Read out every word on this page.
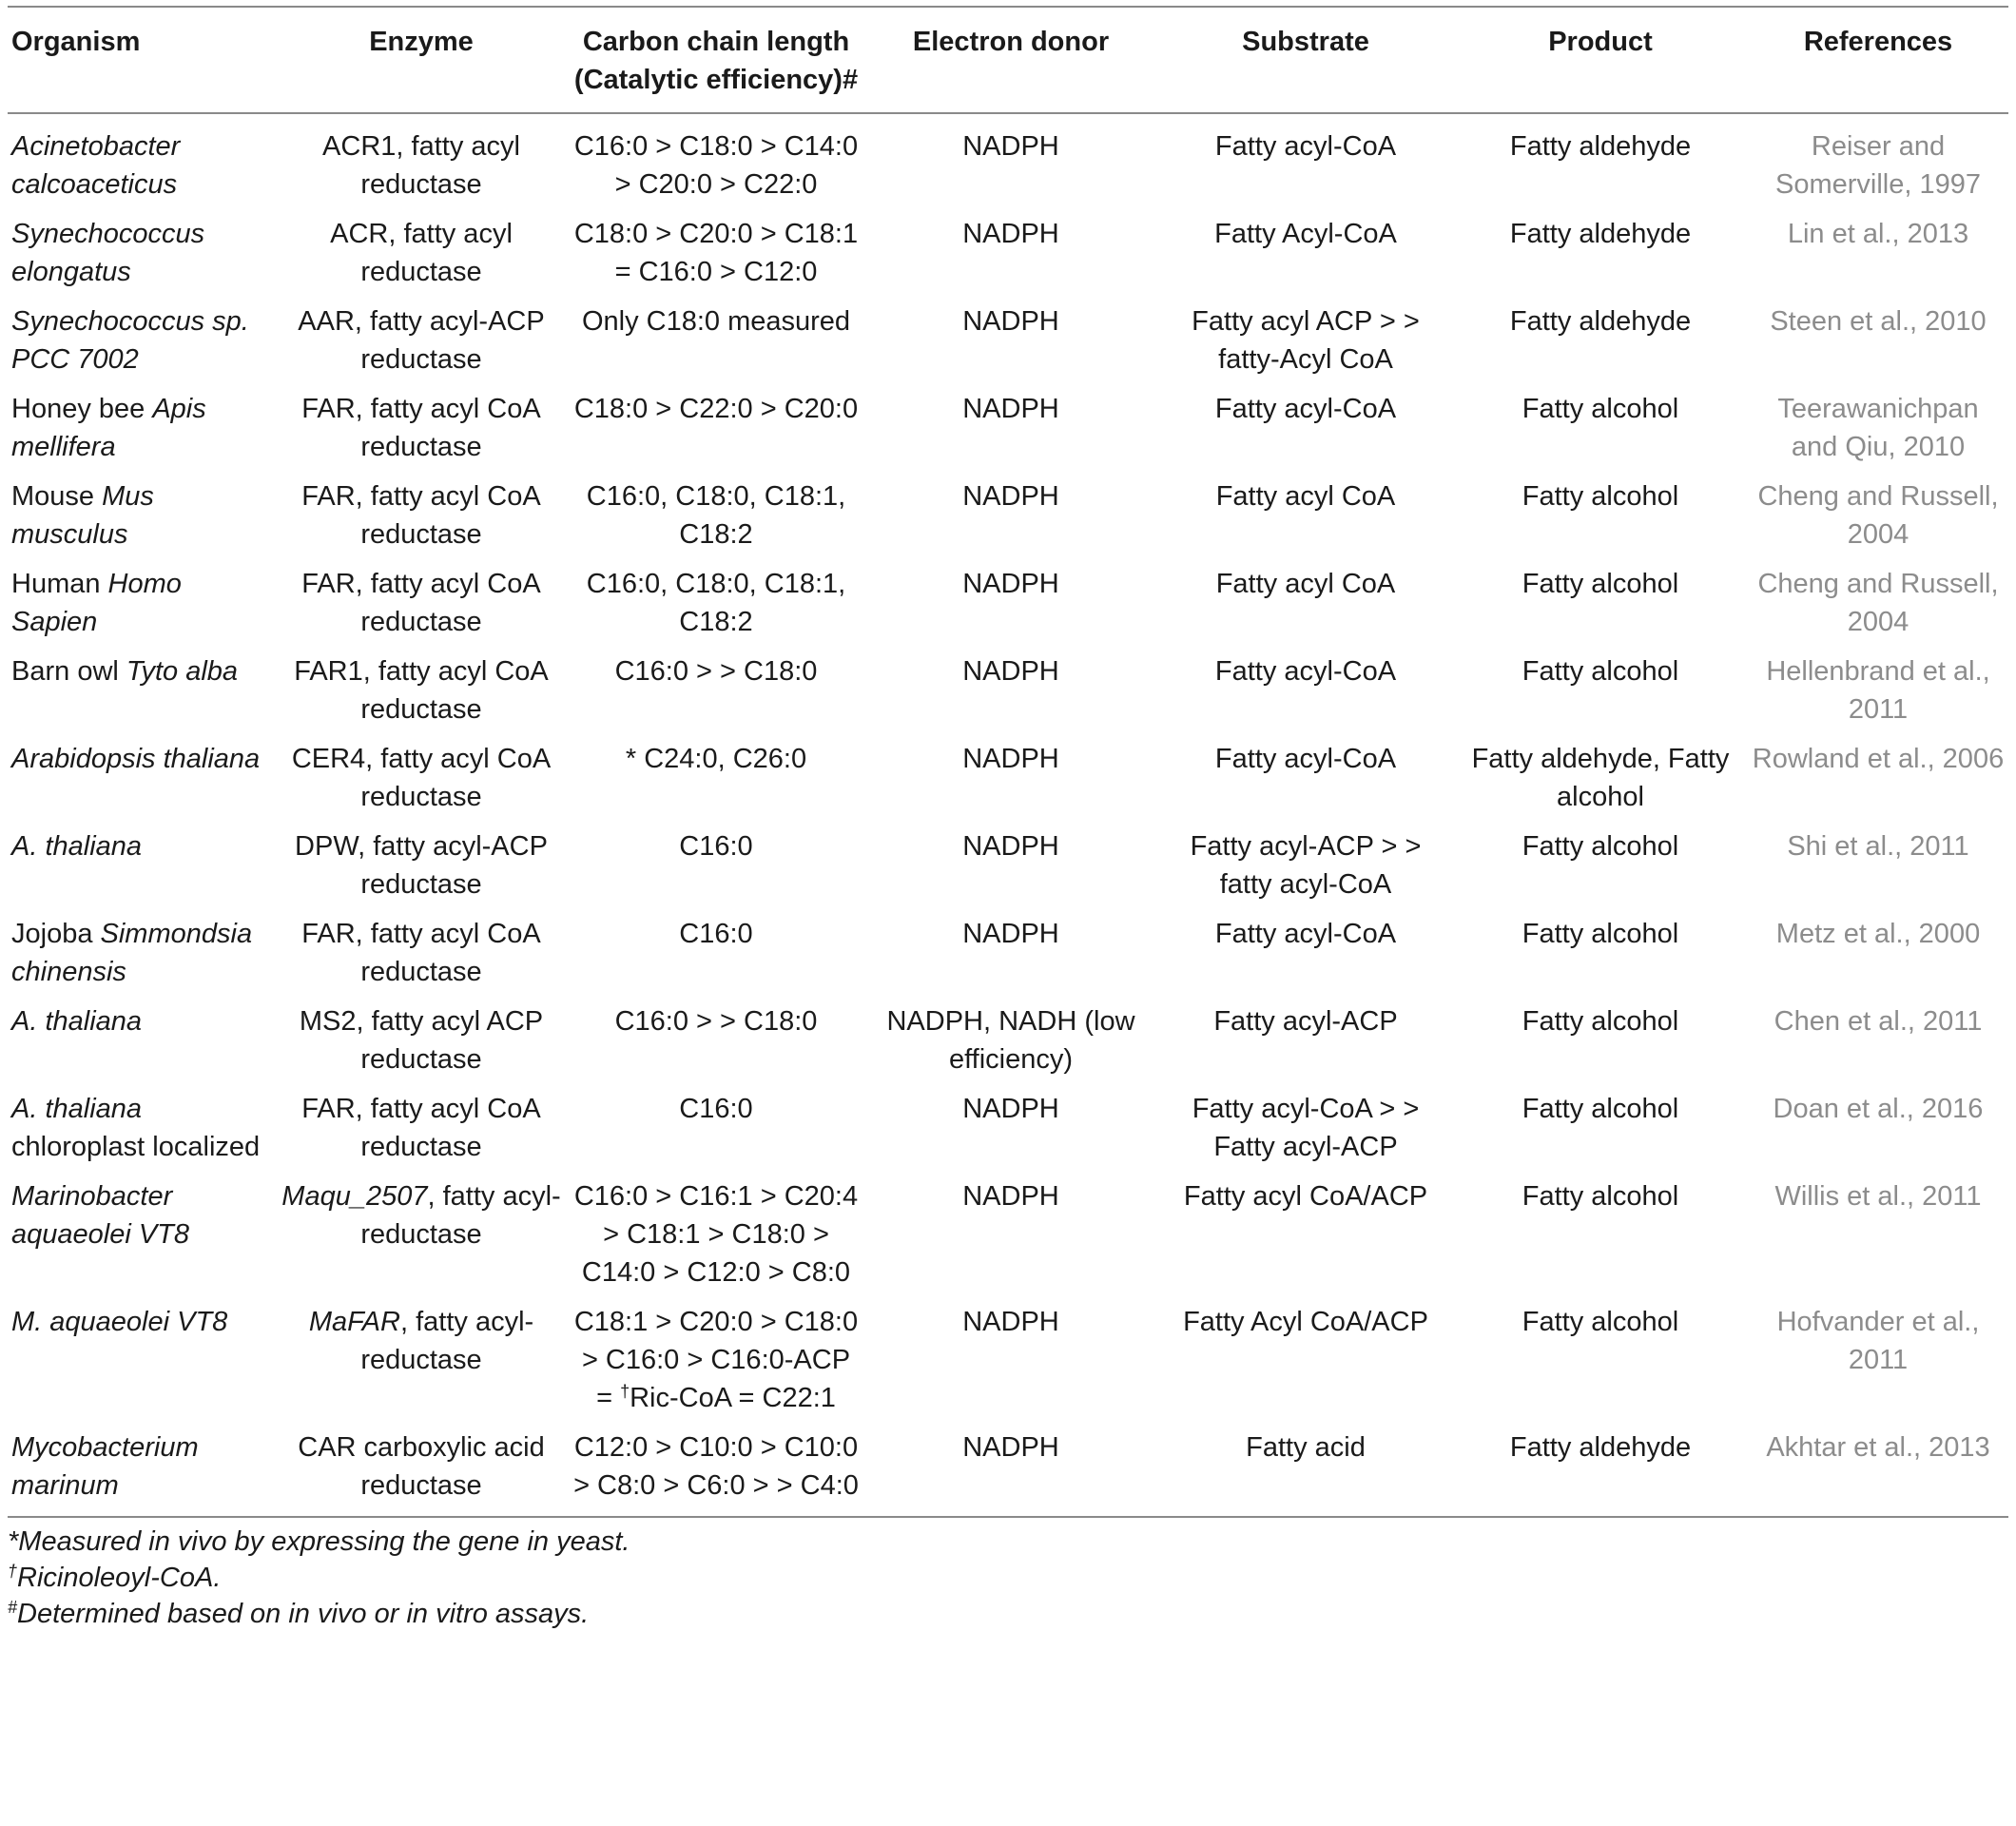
Organism	Enzyme	Carbon chain length (Catalytic efficiency)#	Electron donor	Substrate	Product	References
Acinetobacter calcoaceticus	ACR1, fatty acyl reductase	C16:0 > C18:0 > C14:0 > C20:0 > C22:0	NADPH	Fatty acyl-CoA	Fatty aldehyde	Reiser and Somerville, 1997
Synechococcus elongatus	ACR, fatty acyl reductase	C18:0 > C20:0 > C18:1 = C16:0 > C12:0	NADPH	Fatty Acyl-CoA	Fatty aldehyde	Lin et al., 2013
Synechococcus sp. PCC 7002	AAR, fatty acyl-ACP reductase	Only C18:0 measured	NADPH	Fatty acyl ACP > > fatty-Acyl CoA	Fatty aldehyde	Steen et al., 2010
Honey bee Apis mellifera	FAR, fatty acyl CoA reductase	C18:0 > C22:0 > C20:0	NADPH	Fatty acyl-CoA	Fatty alcohol	Teerawanichpan and Qiu, 2010
Mouse Mus musculus	FAR, fatty acyl CoA reductase	C16:0, C18:0, C18:1, C18:2	NADPH	Fatty acyl CoA	Fatty alcohol	Cheng and Russell, 2004
Human Homo Sapien	FAR, fatty acyl CoA reductase	C16:0, C18:0, C18:1, C18:2	NADPH	Fatty acyl CoA	Fatty alcohol	Cheng and Russell, 2004
Barn owl Tyto alba	FAR1, fatty acyl CoA reductase	C16:0 > > C18:0	NADPH	Fatty acyl-CoA	Fatty alcohol	Hellenbrand et al., 2011
Arabidopsis thaliana	CER4, fatty acyl CoA reductase	* C24:0, C26:0	NADPH	Fatty acyl-CoA	Fatty aldehyde, Fatty alcohol	Rowland et al., 2006
A. thaliana	DPW, fatty acyl-ACP reductase	C16:0	NADPH	Fatty acyl-ACP > > fatty acyl-CoA	Fatty alcohol	Shi et al., 2011
Jojoba Simmondsia chinensis	FAR, fatty acyl CoA reductase	C16:0	NADPH	Fatty acyl-CoA	Fatty alcohol	Metz et al., 2000
A. thaliana	MS2, fatty acyl ACP reductase	C16:0 > > C18:0	NADPH, NADH (low efficiency)	Fatty acyl-ACP	Fatty alcohol	Chen et al., 2011
A. thaliana chloroplast localized	FAR, fatty acyl CoA reductase	C16:0	NADPH	Fatty acyl-CoA > > Fatty acyl-ACP	Fatty alcohol	Doan et al., 2016
Marinobacter aquaeolei VT8	Maqu_2507, fatty acyl-reductase	C16:0 > C16:1 > C20:4 > C18:1 > C18:0 > C14:0 > C12:0 > C8:0	NADPH	Fatty acyl CoA/ACP	Fatty alcohol	Willis et al., 2011
M. aquaeolei VT8	MaFAR, fatty acyl-reductase	C18:1 > C20:0 > C18:0 > C16:0 > C16:0-ACP = †Ric-CoA = C22:1	NADPH	Fatty Acyl CoA/ACP	Fatty alcohol	Hofvander et al., 2011
Mycobacterium marinum	CAR carboxylic acid reductase	C12:0 > C10:0 > C10:0 > C8:0 > C6:0 > > C4:0	NADPH	Fatty acid	Fatty aldehyde	Akhtar et al., 2013
*Measured in vivo by expressing the gene in yeast.
†Ricinoleoyl-CoA.
#Determined based on in vivo or in vitro assays.
